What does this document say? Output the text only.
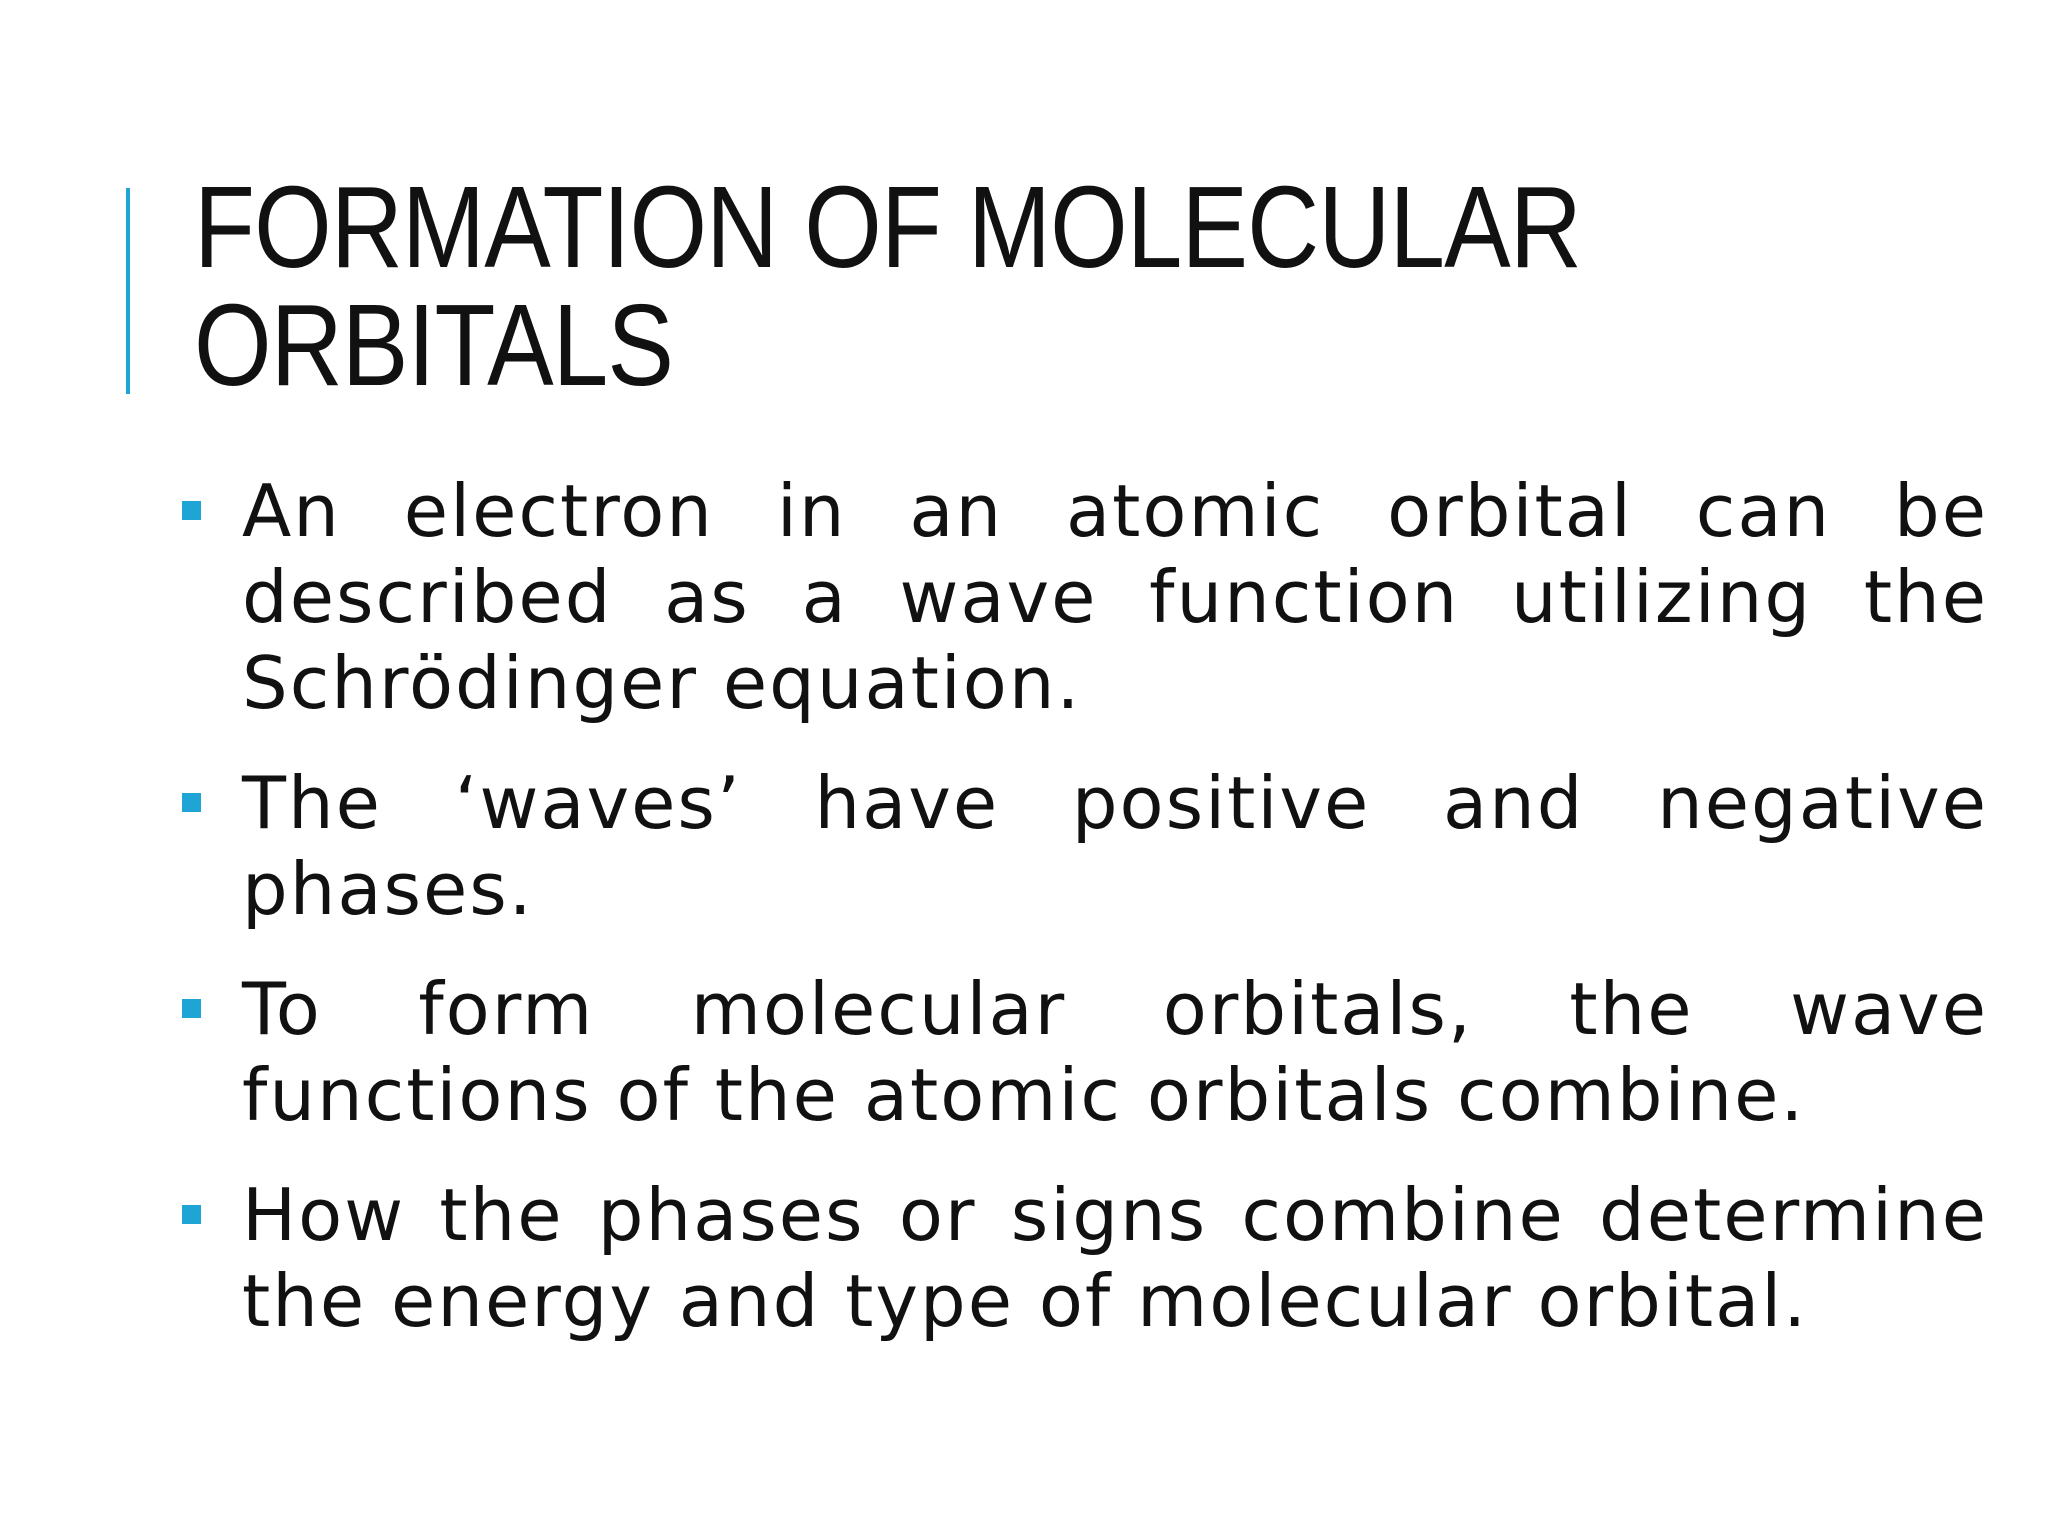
FORMATION OF MOLECULAR
ORBITALS
An electron in an atomic orbital can be described as a wave function utilizing the Schrödinger equation.
The ‘waves’ have positive and negative phases.
To form molecular orbitals, the wave functions of the atomic orbitals combine.
How the phases or signs combine determine the energy and type of molecular orbital.
